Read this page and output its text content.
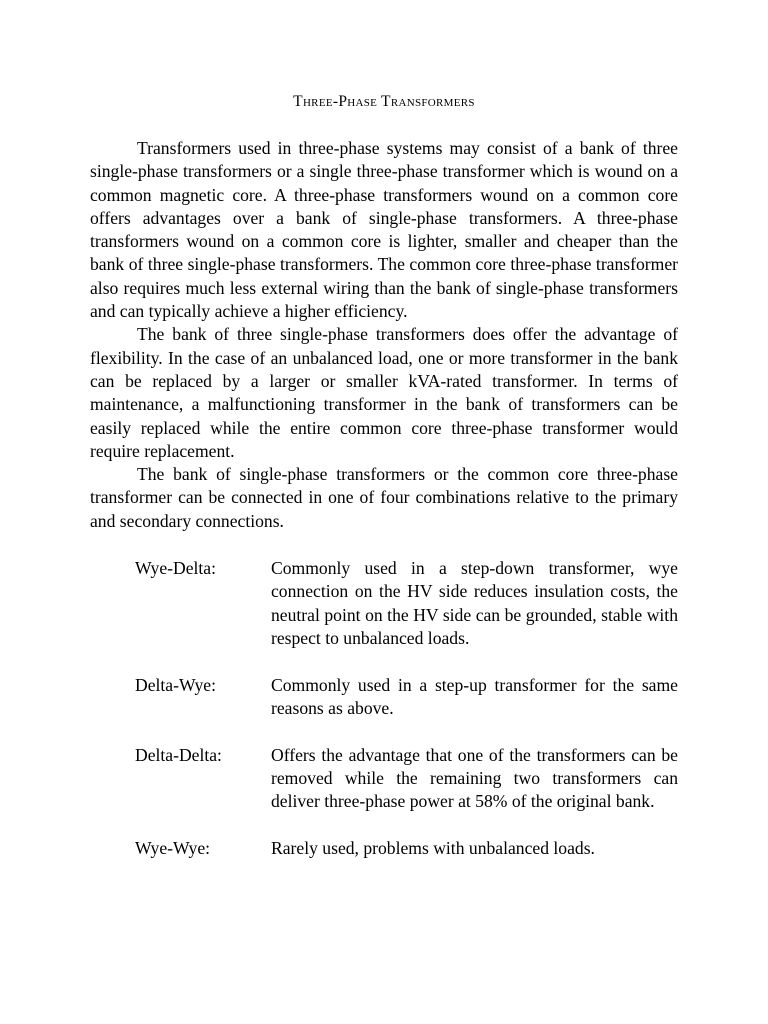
Three-Phase Transformers

Transformers used in three-phase systems may consist of a bank of three single-phase transformers or a single three-phase transformer which is wound on a common magnetic core. A three-phase transformers wound on a common core offers advantages over a bank of single-phase transformers. A three-phase transformers wound on a common core is lighter, smaller and cheaper than the bank of three single-phase transformers. The common core three-phase transformer also requires much less external wiring than the bank of single-phase transformers and can typically achieve a higher efficiency.

The bank of three single-phase transformers does offer the advantage of flexibility. In the case of an unbalanced load, one or more transformer in the bank can be replaced by a larger or smaller kVA-rated transformer. In terms of maintenance, a malfunctioning transformer in the bank of transformers can be easily replaced while the entire common core three-phase transformer would require replacement.

The bank of single-phase transformers or the common core three-phase transformer can be connected in one of four combinations relative to the primary and secondary connections.

Wye-Delta:	Commonly used in a step-down transformer, wye connection on the HV side reduces insulation costs, the neutral point on the HV side can be grounded, stable with respect to unbalanced loads.
Delta-Wye:	Commonly used in a step-up transformer for the same reasons as above.
Delta-Delta:	Offers the advantage that one of the transformers can be removed while the remaining two transformers can deliver three-phase power at 58% of the original bank.
Wye-Wye:	Rarely used, problems with unbalanced loads.
